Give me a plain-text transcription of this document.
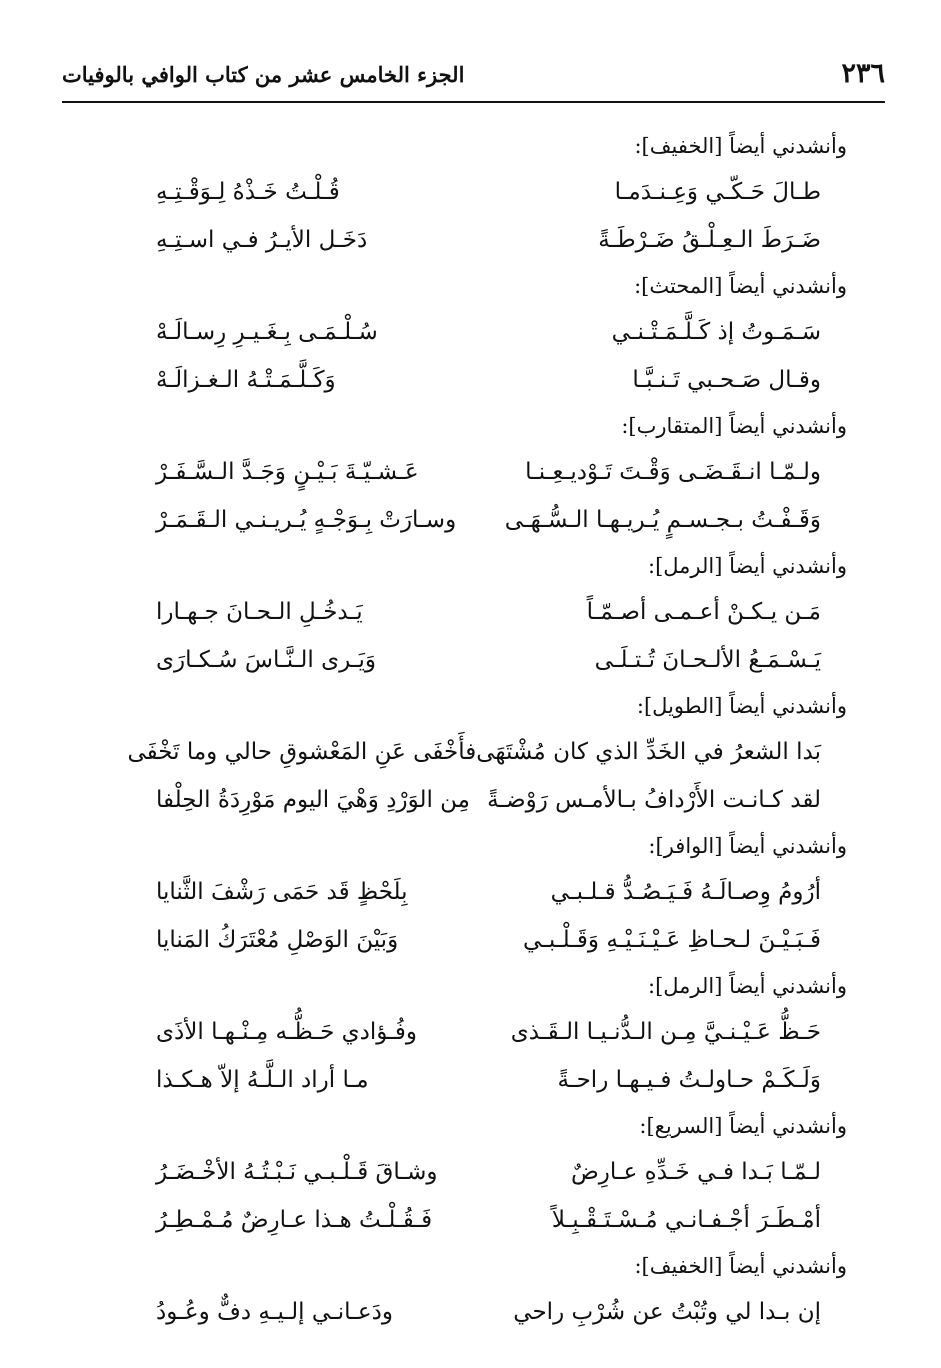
٢٣٦
الجزء الخامس عشر من كتاب الوافي بالوفيات
وأنشدني أيضاً [الخفيف]:
طـالَ حَـكّـي وَعِـنـدَمـا
قُـلْـتُ خَـذْهُ لِـوَقْـتِـهِ
ضَـرَطَ الـعِـلْـقُ ضَـرْطَـةً
دَخَـل الأيـرُ فـي اسـتِـهِ
وأنشدني أيضاً [المحتث]:
سَـمَـوتُ إذ كَـلَّـمَـتْـنـي
سُـلْـمَـى بِـغَـيـرِ رِسـالَـهْ
وقـال صَـحـبي تَـنـبَّـا
وَكَـلَّـمَـتْـهُ الـغـزالَـهْ
وأنشدني أيضاً [المتقارب]:
ولـمّـا انـقَـضَـى وَقْـتَ تَـوْديـعِـنـا
عَـشـيّـةَ بَـيْـنٍ وَجَـدَّ الـسَّـفَـرْ
وَقَـفْـتُ بـجـسـمٍ يُـريـهـا الـسُّـهَـى
وسـارَتْ بِـوَجْـهٍ يُـريـنـي الـقَـمَـرْ
وأنشدني أيضاً [الرمل]:
مَـن يـكـنْ أعـمـى أصـمّـاً
يَـدخُـلِ الـحـانَ جـهـارا
يَـسْـمَـعُ الألـحـانَ تُـتـلَـى
وَيَـرى الـنَّـاسَ سُـكـارَى
وأنشدني أيضاً [الطويل]:
بَدا الشعرُ في الخَدِّ الذي كان مُشْتَهَى
فأَخْفَى عَنِ المَعْشوقِ حالي وما تَخْفَى
لقد كـانـت الأَرْدافُ بـالأمـس رَوْضـةً
مِن الوَرْدِ وَهْيَ اليوم مَوْرِدَةُ الحِلْفا
وأنشدني أيضاً [الوافر]:
أرُومُ وِصـالَـهُ فَـيَـصُـدُّ قـلـبـي
بِلَحْظٍ قَد حَمَى رَشْفَ الثَّنايا
فَـبَـيْـنَ لـحـاظِ عَـيْـنَـيْـهِ وَقَـلْـبـي
وَبَيْنَ الوَصْلِ مُعْتَرَكُ المَنايا
وأنشدني أيضاً [الرمل]:
حَـظُّ عَـيْـنـيَّ مِـن الـدُّنـيـا الـقَـذى
وفُـؤادي حَـظُّـه مِـنْـهـا الأذَى
وَلَـكَـمْ حـاولـتُ فـيـهـا راحـةً
مـا أراد الـلَّـهُ إلاّ هـكـذا
وأنشدني أيضاً [السريع]:
لـمّـا بَـدا فـي خَـدِّهِ عـارِضٌ
وشـاقَ قَـلْـبـي نَـبْـتُـهُ الأخْـضَـرُ
أمْـطَـرَ أجْـفـانـي مُـسْـتَـقْـبِـلاً
فَـقُـلْـتُ هـذا عـارِضٌ مُـمْـطِـرُ
وأنشدني أيضاً [الخفيف]:
إن بـدا لي وتُبْتُ عن شُرْبِ راحي
ودَعـانـي إلـيـهِ دفٌّ وعُـودُ
